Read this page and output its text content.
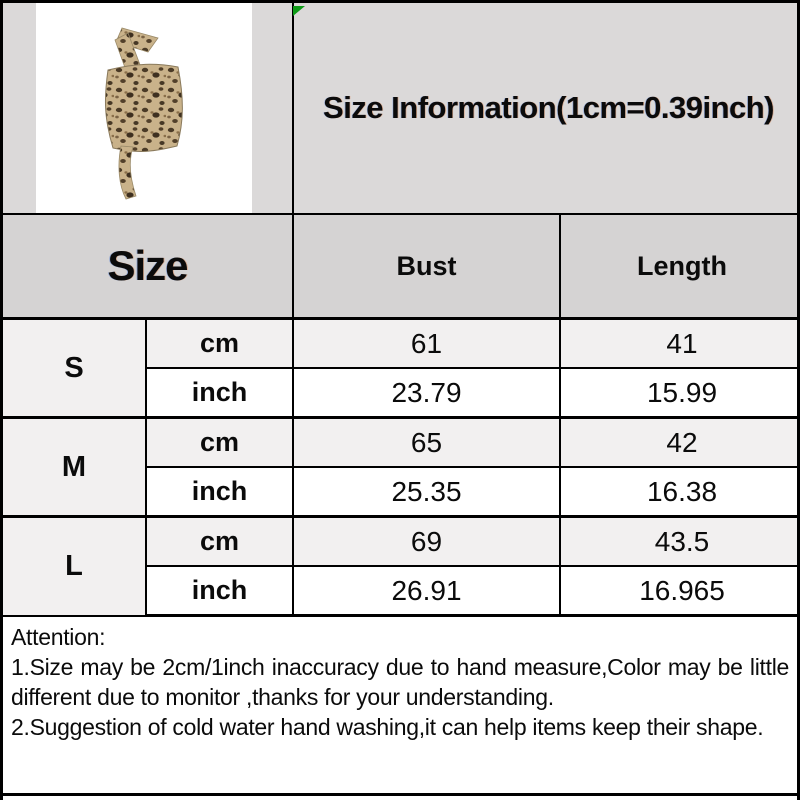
	Size Information(1cm=0.39inch)	
Size		Bust	Length
S	cm	61	41
	inch	23.79	15.99
M	cm	65	42
	inch	25.35	16.38
L	cm	69	43.5
	inch	26.91	16.965
Attention:
1.Size may be 2cm/1inch inaccuracy due to hand measure,Color may be little different due to monitor ,thanks for your understanding.
2.Suggestion of cold water hand washing,it can help items keep their shape.
